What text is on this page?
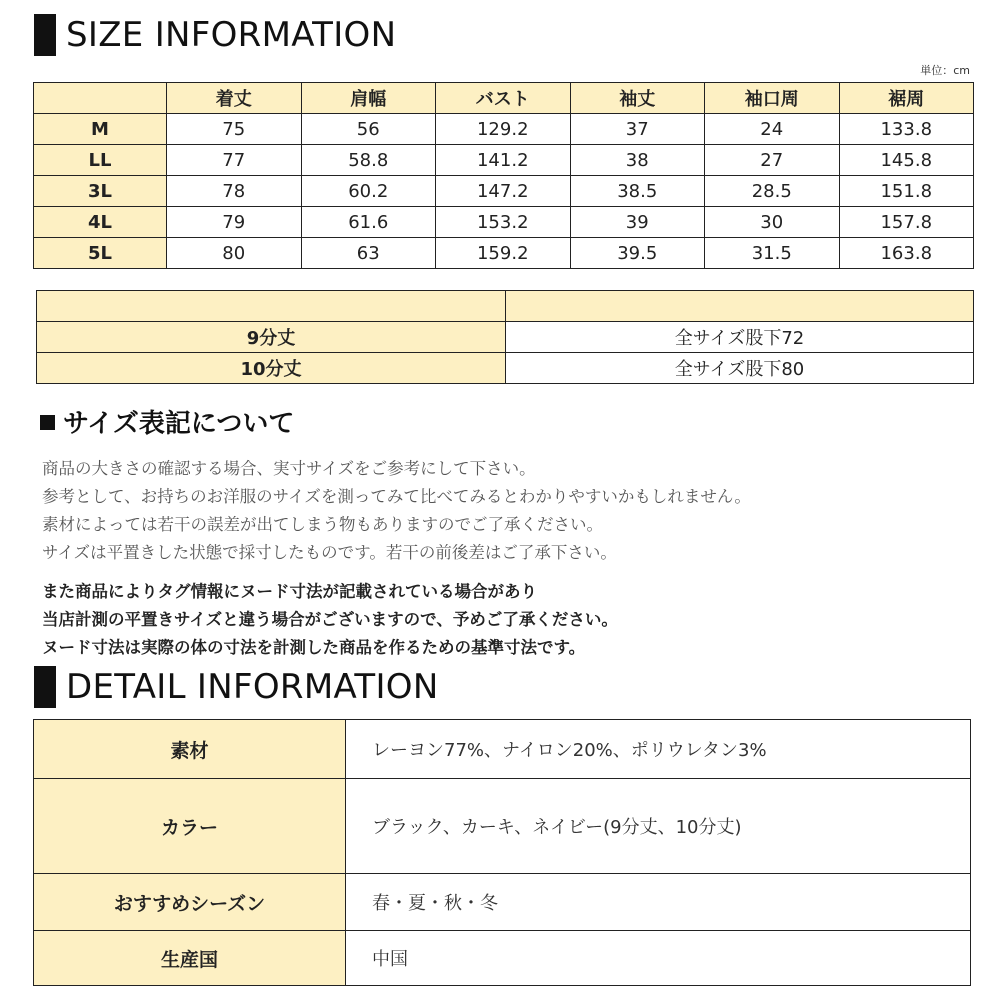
SIZE INFORMATION
単位：cm
	着丈	肩幅	バスト	袖丈	袖口周	裾周
M	75	56	129.2	37	24	133.8
LL	77	58.8	141.2	38	27	145.8
3L	78	60.2	147.2	38.5	28.5	151.8
4L	79	61.6	153.2	39	30	157.8
5L	80	63	159.2	39.5	31.5	163.8

9分丈	全サイズ股下72
10分丈	全サイズ股下80
サイズ表記について
商品の大きさの確認する場合、実寸サイズをご参考にして下さい。
参考として、お持ちのお洋服のサイズを測ってみて比べてみるとわかりやすいかもしれません。
素材によっては若干の誤差が出てしまう物もありますのでご了承ください。
サイズは平置きした状態で採寸したものです。若干の前後差はご了承下さい。
また商品によりタグ情報にヌード寸法が記載されている場合があり
当店計測の平置きサイズと違う場合がございますので、予めご了承ください。
ヌード寸法は実際の体の寸法を計測した商品を作るための基準寸法です。
DETAIL INFORMATION
素材	レーヨン77%、ナイロン20%、ポリウレタン3%
カラー	ブラック、カーキ、ネイビー(9分丈、10分丈)
おすすめシーズン	春・夏・秋・冬
生産国	中国
